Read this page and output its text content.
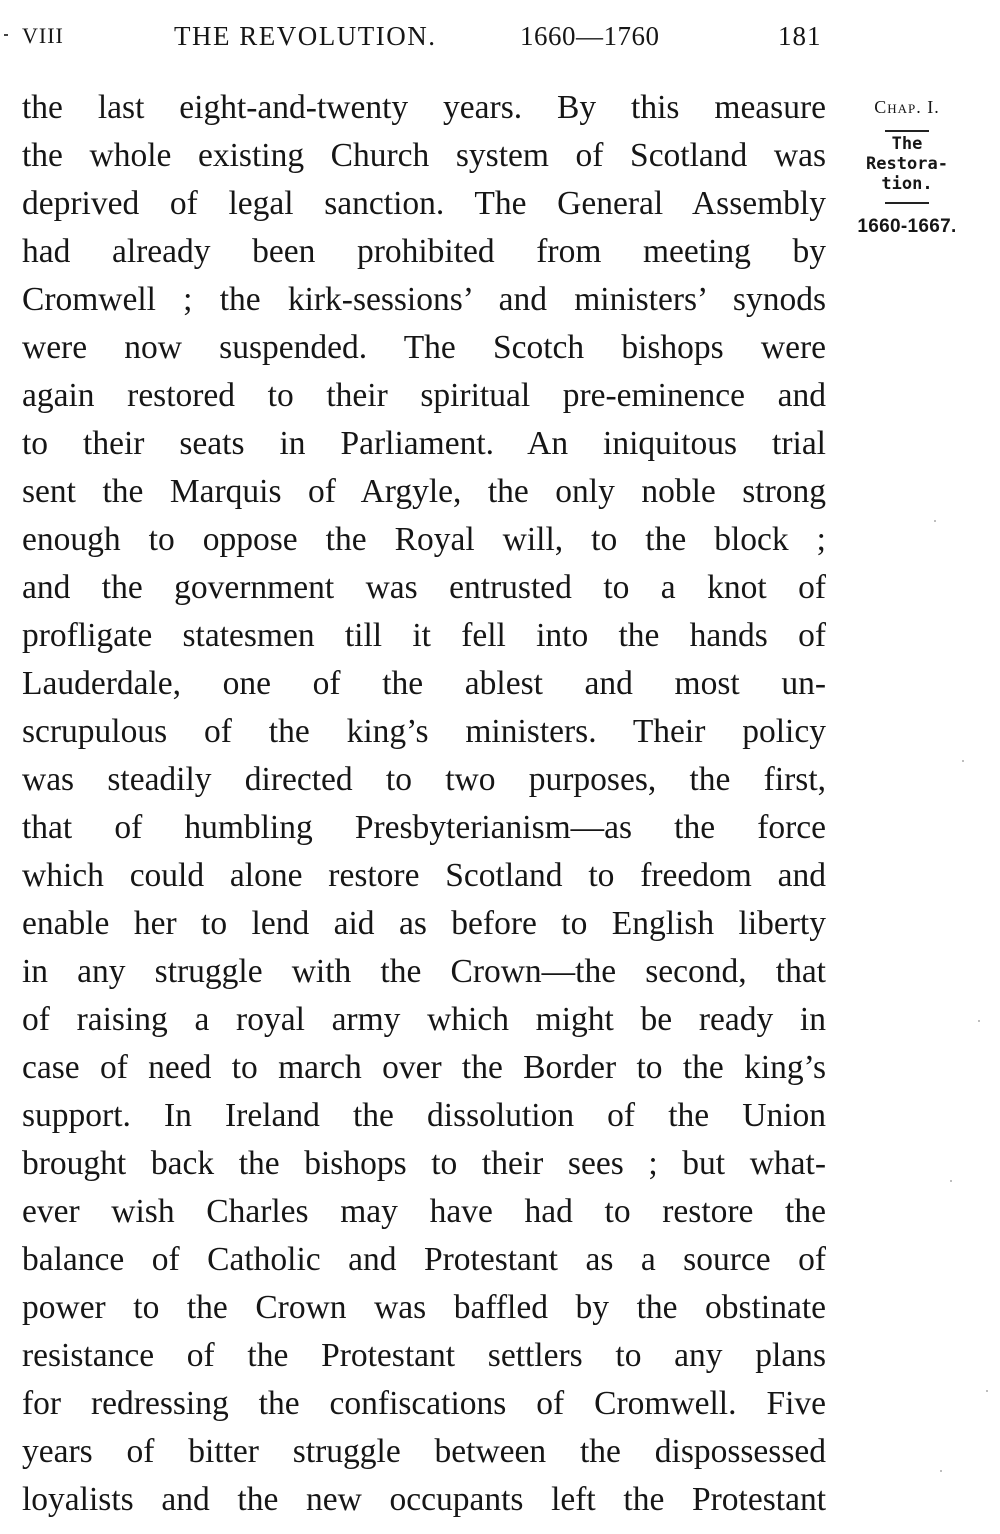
VIII	THE REVOLUTION.	1660—1760	181
the last eight-and-twenty years. By this measure
the whole existing Church system of Scotland was
deprived of legal sanction. The General Assembly
had already been prohibited from meeting by
Cromwell ; the kirk-sessions’ and ministers’ synods
were now suspended. The Scotch bishops were
again restored to their spiritual pre-eminence and
to their seats in Parliament. An iniquitous trial
sent the Marquis of Argyle, the only noble strong
enough to oppose the Royal will, to the block ;
and the government was entrusted to a knot of
profligate statesmen till it fell into the hands of
Lauderdale, one of the ablest and most un-
scrupulous of the king’s ministers. Their policy
was steadily directed to two purposes, the first,
that of humbling Presbyterianism—as the force
which could alone restore Scotland to freedom and
enable her to lend aid as before to English liberty
in any struggle with the Crown—the second, that
of raising a royal army which might be ready in
case of need to march over the Border to the king’s
support. In Ireland the dissolution of the Union
brought back the bishops to their sees ; but what-
ever wish Charles may have had to restore the
balance of Catholic and Protestant as a source of
power to the Crown was baffled by the obstinate
resistance of the Protestant settlers to any plans
for redressing the confiscations of Cromwell. Five
years of bitter struggle between the dispossessed
loyalists and the new occupants left the Protestant
Chap. I.
The
Restora-
tion.
1660-1667.
